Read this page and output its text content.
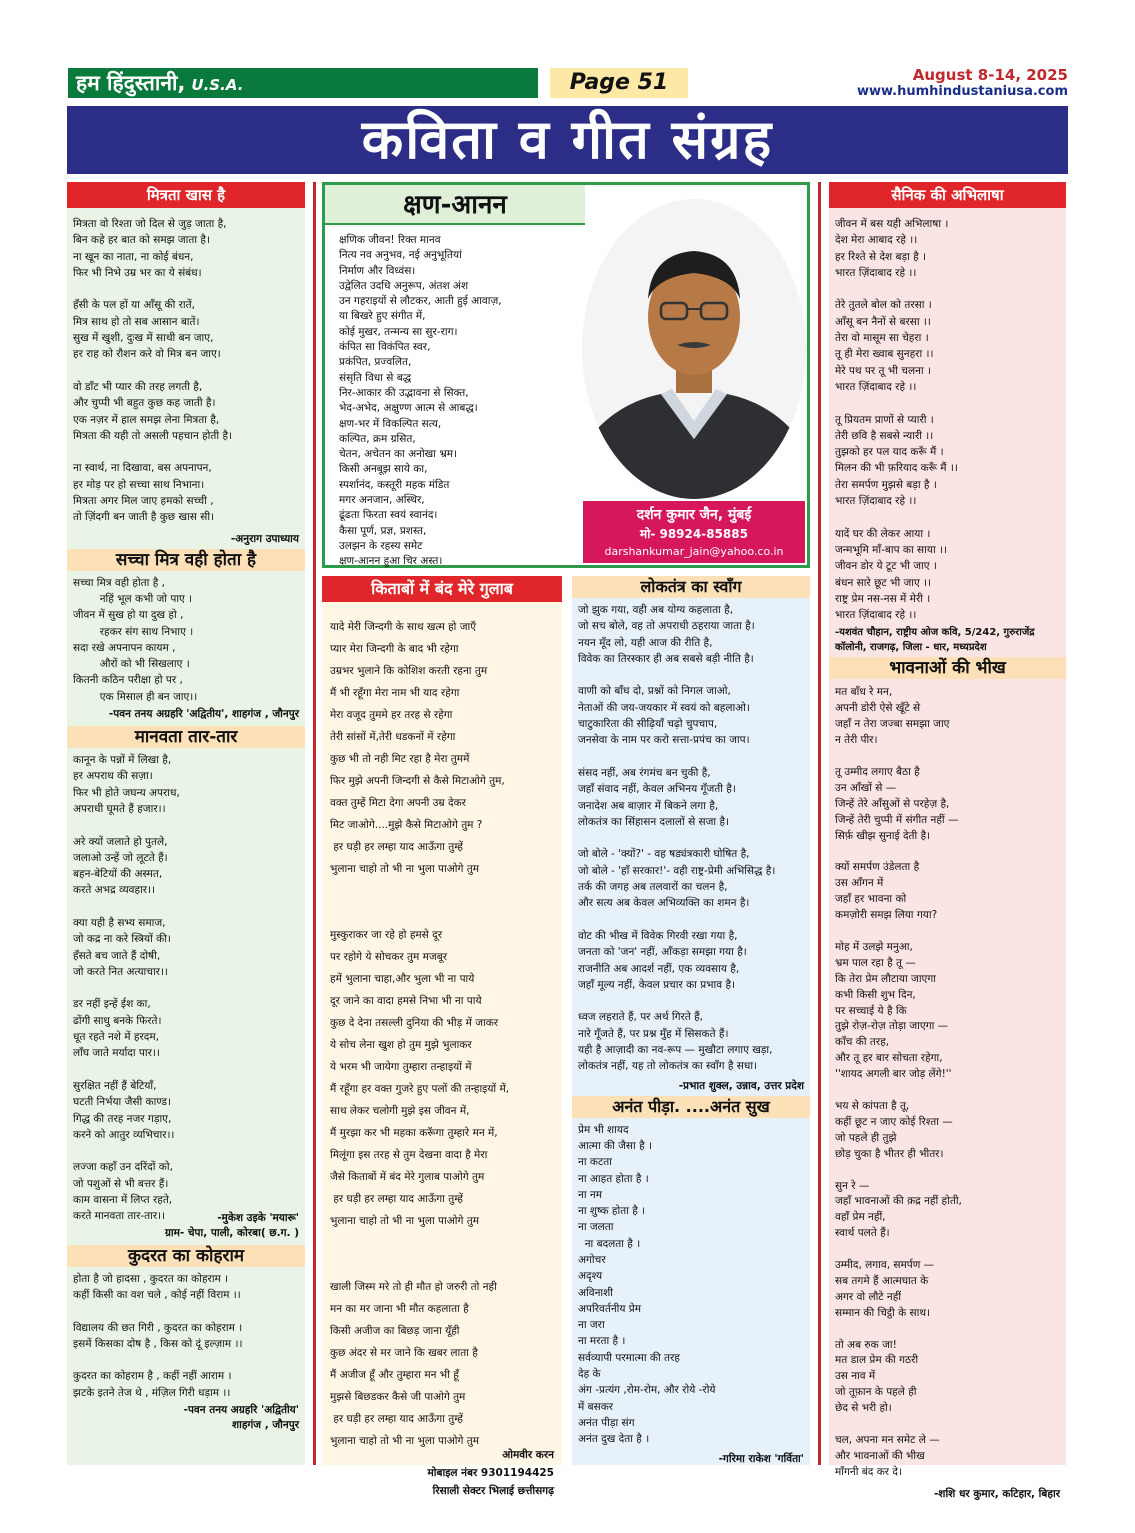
हम हिंदुस्तानी, U.S.A.	Page 51	August 8-14, 2025
www.humhindustaniusa.com
कविता व गीत संग्रह
मित्रता खास है
मित्रता वो रिश्ता जो दिल से जुड़ जाता है,
बिन कहे हर बात को समझ जाता है।
ना खून का नाता, ना कोई बंधन,
फिर भी निभे उम्र भर का ये संबंध।

हँसी के पल हों या आँसू की रातें,
मित्र साथ हो तो सब आसान बातें।
सुख में खुशी, दुःख में साथी बन जाए,
हर राह को रौशन करे वो मित्र बन जाए।

वो डाँट भी प्यार की तरह लगती है,
और चुप्पी भी बहुत कुछ कह जाती है।
एक नज़र में हाल समझ लेना मित्रता है,
मित्रता की यही तो असली पहचान होती है।

ना स्वार्थ, ना दिखावा, बस अपनापन,
हर मोड़ पर हो सच्चा साथ निभाना।
मित्रता अगर मिल जाए हमको सच्ची ,
तो ज़िंदगी बन जाती है कुछ खास सी।
-अनुराग उपाध्याय
सच्चा मित्र वही होता है
सच्चा मित्र वही होता है ,
नहिं भूल कभी जो पाए ।
जीवन में सुख हो या दुख हो ,
रहकर संग साथ निभाए ।
सदा रखे अपनापन कायम ,
औरों को भी सिखलाए ।
कितनी कठिन परीक्षा हो पर ,
एक मिसाल ही बन जाए।।
-पवन तनय अग्रहरि 'अद्वितीय', शाहगंज , जौनपुर
मानवता तार-तार
कानून के पन्नों में लिखा है,
हर अपराध की सज़ा।
फिर भी होते जघन्य अपराध,
अपराधी घूमते हैं हजार।।

अरे क्यों जलाते हो पुतले,
जलाओ उन्हें जो लूटते हैं।
बहन-बेटियों की अस्मत,
करते अभद्र व्यवहार।।

क्या यही है सभ्य समाज,
जो कद्र ना करे स्त्रियों की।
हँसते बच जाते हैं दोषी,
जो करते नित अत्याचार।।

डर नहीं इन्हें ईश का,
ढोंगी साधु बनके फिरते।
धूत रहते नशे में हरदम,
लाँघ जाते मर्यादा पार।।

सुरक्षित नहीं हैं बेटियाँ,
घटती निर्भया जैसी काण्ड।
गिद्ध की तरह नजर गड़ाए,
करने को आतुर व्यभिचार।।

लज्जा कहाँ उन दरिंदों को,
जो पशुओं से भी बत्तर हैं।
काम वासना में लिप्त रहते,
करते मानवता तार-तार।।	-मुकेश उइके 'मयारू'
ग्राम- चेपा, पाली, कोरबा( छ.ग. )
कुदरत का कोहराम
होता है जो हादसा , कुदरत का कोहराम ।
कहीं किसी का वश चले , कोई नहीं विराम ।।

विद्यालय की छत गिरी , कुदरत का कोहराम ।
इसमें किसका दोष है , किस को दूं इल्ज़ाम ।।

कुदरत का कोहराम है , कहीं नहीं आराम ।
झटके इतने तेज थे , मंज़िल गिरी धड़ाम ।।
-पवन तनय अग्रहरि 'अद्वितीय'
शाहगंज , जौनपुर
क्षण-आनन
क्षणिक जीवन! रिक्त मानव
नित्य नव अनुभव, नई अनुभूतियां
निर्माण और विध्वंस।
उद्वेलित उदधि अनुरूप, अंतश अंश
उन गहराइयों से लौटकर, आती हुई आवाज़,
या बिखरे हुए संगीत में,
कोई मुखर, तन्मन्य सा सुर-राग।
कंपित सा विकंपित स्वर,
प्रकंपित, प्रज्वलित,
संसृति विधा से बद्ध
निर-आकार की उद्भावना से सिक्त,
भेद-अभेद, अक्षुण्ण आत्म से आबद्ध।
क्षण-भर में विकल्पित सत्य,
कल्पित, क्रम ग्रसित,
चेतन, अचेतन का अनोखा भ्रम।
किसी अनबूझ साये का,
स्पर्शानंद, कस्तूरी महक मंडित
मगर अनजान, अस्थिर,
ढूंढता फिरता स्वयं स्वानंद।
कैसा पूर्ण, प्रज्ञ, प्रशस्त,
उलझन के रहस्य समेट
क्षण-आनन हुआ चिर अस्त।
दर्शन कुमार जैन, मुंबई
मो- 98924-85885
darshankumar_jain@yahoo.co.in
किताबों में बंद मेरे गुलाब
यादे मेरी जिन्दगी के साथ खत्म हो जाएँ
प्यार मेरा जिन्दगी के बाद भी रहेगा
उम्रभर भुलाने कि कोशिश करती रहना तुम
मैं भी रहूँगा मेरा नाम भी याद रहेगा
मेरा वजूद तुममे हर तरह से रहेगा
तेरी सांसों में,तेरी धडकनों में रहेगा
कुछ भी तो नही मिट रहा है मेरा तुममें
फिर मुझे अपनी जिन्दगी से कैसे मिटाओगे तुम,
वक्त तुम्हें मिटा देगा अपनी उम्र देकर
मिट जाओगे....मुझे कैसे मिटाओगे तुम ?
हर घड़ी हर लम्हा याद आऊँगा तुम्हें
भुलाना चाहो तो भी ना भुला पाओगे तुम

मुस्कुराकर जा रहे हो हमसे दूर
पर रहोगे ये सोचकर तुम मजबूर
हमें भुलाना चाहा,और भुला भी ना पाये
दूर जाने का वादा हमसे निभा भी ना पाये
कुछ दे देना तसल्ली दुनिया की भीड़ में जाकर
ये सोच लेना खुश हो तुम मुझे भुलाकर
ये भरम भी जायेगा तुम्हारा तन्हाइयों में
मैं रहूँगा हर वक्त गुजरे हुए पलों की तन्हाइयों में,
साथ लेकर चलोगी मुझे इस जीवन में,
मैं मुरझा कर भी महका करूँगा तुम्हारे मन में,
मिलूंगा इस तरह से तुम देखना वादा है मेरा
जैसे किताबों में बंद मेरे गुलाब पाओगे तुम
हर घड़ी हर लम्हा याद आऊँगा तुम्हें
भुलाना चाहो तो भी ना भुला पाओगे तुम

खाली जिस्म मरे तो ही मौत हो जरुरी तो नही
मन का मर जाना भी मौत कहलाता है
किसी अजीज का बिछड़ जाना यूँही
कुछ अंदर से मर जाने कि खबर लाता है
मैं अजीज हूँ और तुम्हारा मन भी हूँ
मुझसे बिछडकर कैसे जी पाओगे तुम
हर घड़ी हर लम्हा याद आऊँगा तुम्हें
भुलाना चाहो तो भी ना भुला पाओगे तुम
ओमवीर करन
मोबाइल नंबर 9301194425
रिसाली सेक्टर भिलाई छत्तीसगढ़
लोकतंत्र का स्वाँग
जो झुक गया, वही अब योग्य कहलाता है,
जो सच बोले, वह तो अपराधी ठहराया जाता है।
नयन मूँद लो, यही आज की रीति है,
विवेक का तिरस्कार ही अब सबसे बड़ी नीति है।

वाणी को बाँध दो, प्रश्नों को निगल जाओ,
नेताओं की जय-जयकार में स्वयं को बहलाओ।
चाटुकारिता की सीढ़ियाँ चढ़ो चुपचाप,
जनसेवा के नाम पर करो सत्ता-प्रपंच का जाप।

संसद नहीं, अब रंगमंच बन चुकी है,
जहाँ संवाद नहीं, केवल अभिनय गूँजती है।
जनादेश अब बाज़ार में बिकने लगा है,
लोकतंत्र का सिंहासन दलालों से सजा है।

जो बोले - 'क्यों?' - वह षड्यंत्रकारी घोषित है,
जो बोले - 'हाँ सरकार!'- वही राष्ट्र-प्रेमी अभिसिद्ध है।
तर्क की जगह अब तलवारों का चलन है,
और सत्य अब केवल अभिव्यक्ति का शमन है।

वोट की भीख में विवेक गिरवी रखा गया है,
जनता को 'जन' नहीं, आँकड़ा समझा गया है।
राजनीति अब आदर्श नहीं, एक व्यवसाय है,
जहाँ मूल्य नहीं, केवल प्रचार का प्रभाव है।

ध्वज लहराते हैं, पर अर्थ गिरते हैं,
नारे गूँजते हैं, पर प्रश्न मुँह में सिसकते हैं।
यही है आज़ादी का नव-रूप — मुखौटा लगाए खड़ा,
लोकतंत्र नहीं, यह तो लोकतंत्र का स्वाँग है सधा।
-प्रभात शुक्ल, उन्नाव, उत्तर प्रदेश
अनंत पीड़ा. ....अनंत सुख
प्रेम भी शायद
आत्मा की जैसा है ।
ना कटता
ना आहत होता है ।
ना नम
ना शुष्क होता है ।
ना जलता
ना बदलता है ।
अगोचर
अदृश्य
अविनाशी
अपरिवर्तनीय प्रेम
ना जरा
ना मरता है ।
सर्वव्यापी परमात्मा की तरह
देह के
अंग -प्रत्यंग ,रोम-रोम, और रोये -रोये
में बसकर
अनंत पीड़ा संग
अनंत दुख देता है ।
-गरिमा राकेश 'गर्विता'
सैनिक की अभिलाषा
जीवन में बस यही अभिलाषा ।
देश मेरा आबाद रहे ।।
हर रिश्ते से देश बड़ा है ।
भारत ज़िंदाबाद रहे ।।

तेरे तुतले बोल को तरसा ।
आँसू बन नैनों से बरसा ।।
तेरा वो मासूम सा चेहरा ।
तू ही मेरा ख्वाब सुनहरा ।।
मेरे पथ पर तू भी चलना ।
भारत ज़िंदाबाद रहे ।।

तू प्रियतम प्राणों से प्यारी ।
तेरी छवि है सबसे न्यारी ।।
तुझको हर पल याद करूँ मैं ।
मिलन की भी फ़रियाद करूँ मैं ।।
तेरा समर्पण मुझसे बड़ा है ।
भारत ज़िंदाबाद रहे ।।

यादें घर की लेकर आया ।
जन्मभूमि माँ-बाप का साया ।।
जीवन डोर ये टूट भी जाए ।
बंधन सारे छूट भी जाए ।।
राष्ट्र प्रेम नस-नस में मेरी ।
भारत ज़िंदाबाद रहे ।।
-यशवंत चौहान, राष्ट्रीय ओज कवि, 5/242, गुरुराजेंद्र कॉलोनी, राजगढ़, जिला - धार, मध्यप्रदेश
भावनाओं की भीख
मत बाँध रे मन,
अपनी डोरी ऐसे खूँटे से
जहाँ न तेरा जज्बा समझा जाए
न तेरी पीर।

तू उम्मीद लगाए बैठा है
उन आँखों से —
जिन्हें तेरे आँसुओं से परहेज़ है,
जिन्हें तेरी चुप्पी में संगीत नहीं —
सिर्फ़ खीझ सुनाई देती है।

क्यों समर्पण उंडेलता है
उस आँगन में
जहाँ हर भावना को
कमज़ोरी समझ लिया गया?

मोह में उलझे मनुआ,
भ्रम पाल रहा है तू —
कि तेरा प्रेम लौटाया जाएगा
कभी किसी शुभ दिन,
पर सच्चाई ये है कि
तुझे रोज़-रोज़ तोड़ा जाएगा —
काँच की तरह,
और तू हर बार सोचता रहेगा,
''शायद अगली बार जोड़ लेंगे!''

भय से कांपता है तू,
कहीं छूट न जाए कोई रिश्ता —
जो पहले ही तुझे
छोड़ चुका है भीतर ही भीतर।

सुन रे —
जहाँ भावनाओं की क़द्र नहीं होती,
वहाँ प्रेम नहीं,
स्वार्थ पलते हैं।

उम्मीद, लगाव, समर्पण —
सब तगमे हैं आत्मघात के
अगर वो लौटे नहीं
सम्मान की चिट्ठी के साथ।

तो अब रुक जा!
मत डाल प्रेम की गठरी
उस नाव में
जो तूफ़ान के पहले ही
छेद से भरी हो।

चल, अपना मन समेट ले —
और भावनाओं की भीख
माँगनी बंद कर दे।
-शशि धर कुमार, कटिहार, बिहार
